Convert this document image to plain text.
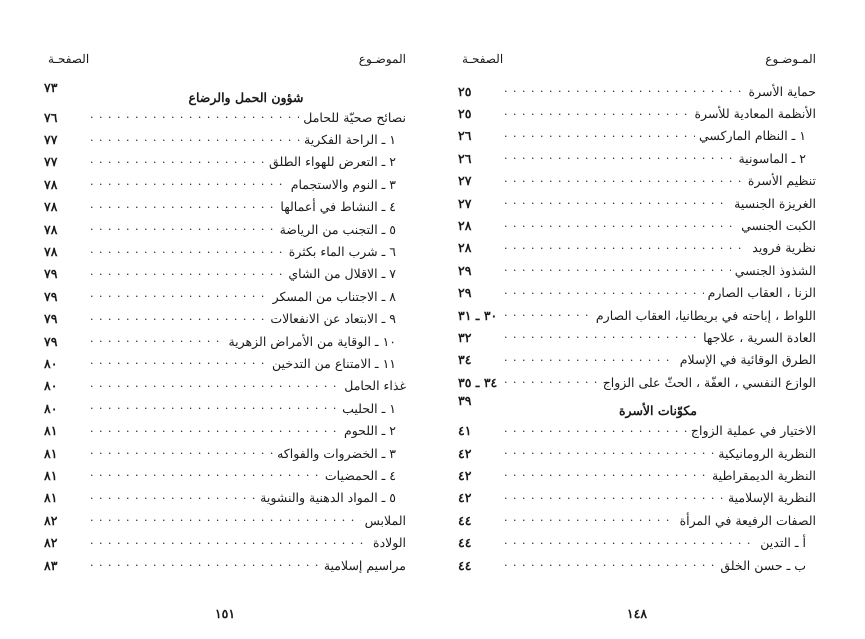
الموضـوع
الصفحـة
شؤون الحمل والرضاع
٧٣
نصائح صحيّة للحامل
. . .
٧٦
١ ـ الراحة الفكرية
. . .
٧٧
٢ ـ التعرض للهواء الطلق
. . .
٧٧
٣ ـ النوم والاستجمام
. . .
٧٨
٤ ـ النشاط في أعمالها
. . .
٧٨
٥ ـ التجنب من الرياضة
. . .
٧٨
٦ ـ شرب الماء بكثرة
. . .
٧٨
٧ ـ الاقلال من الشاي
. . .
٧٩
٨ ـ الاجتناب من المسكر
. . .
٧٩
٩ ـ الابتعاد عن الانفعالات
. . .
٧٩
١٠ ـ الوقاية من الأمراض الزهرية
. . .
٧٩
١١ ـ الامتناع من التدخين
. . .
٨٠
غذاء الحامل
. . .
٨٠
١ ـ الحليب
. . .
٨٠
٢ ـ اللحوم
. . .
٨١
٣ ـ الخضروات والفواكه
. . .
٨١
٤ ـ الحمضيات
. . .
٨١
٥ ـ المواد الدهنية والنشوية
. . .
٨١
الملابس
. . .
٨٢
الولادة
. . .
٨٢
مراسيم إسلامية
. . .
٨٣
١٥١
المـوضـوع
الصفحـة
حماية الأسرة
. . .
٢٥
الأنظمة المعادية للأسرة
. . .
٢٥
١ ـ النظام الماركسي
. . .
٢٦
٢ ـ الماسونية
. . .
٢٦
تنظيم الأسرة
. . .
٢٧
الغريزة الجنسية
. . .
٢٧
الكبت الجنسي
. . .
٢٨
نظرية فرويد
. . .
٢٨
الشذوذ الجنسي
. . .
٢٩
الزنا ، العقاب الصارم
. . .
٢٩
اللواط ، إباحته في بريطانيا، العقاب الصارم
. . .
٣٠ ـ ٣١
العادة السرية ، علاجها
. . .
٣٢
الطرق الوقائية في الإسلام
. . .
٣٤
الوازع النفسي ، العفّة ، الحثّ على الزواج
. . .
٣٤ ـ ٣٥
مكوّنات الأسرة
٣٩
الاختيار في عملية الزواج
. . .
٤١
النظرية الرومانيكية
. . .
٤٢
النظرية الديمقراطية
. . .
٤٢
النظرية الإسلامية
. . .
٤٢
الصفات الرفيعة في المرأة
. . .
٤٤
أ ـ التدين
. . .
٤٤
ب ـ حسن الخلق
. . .
٤٤
١٤٨
